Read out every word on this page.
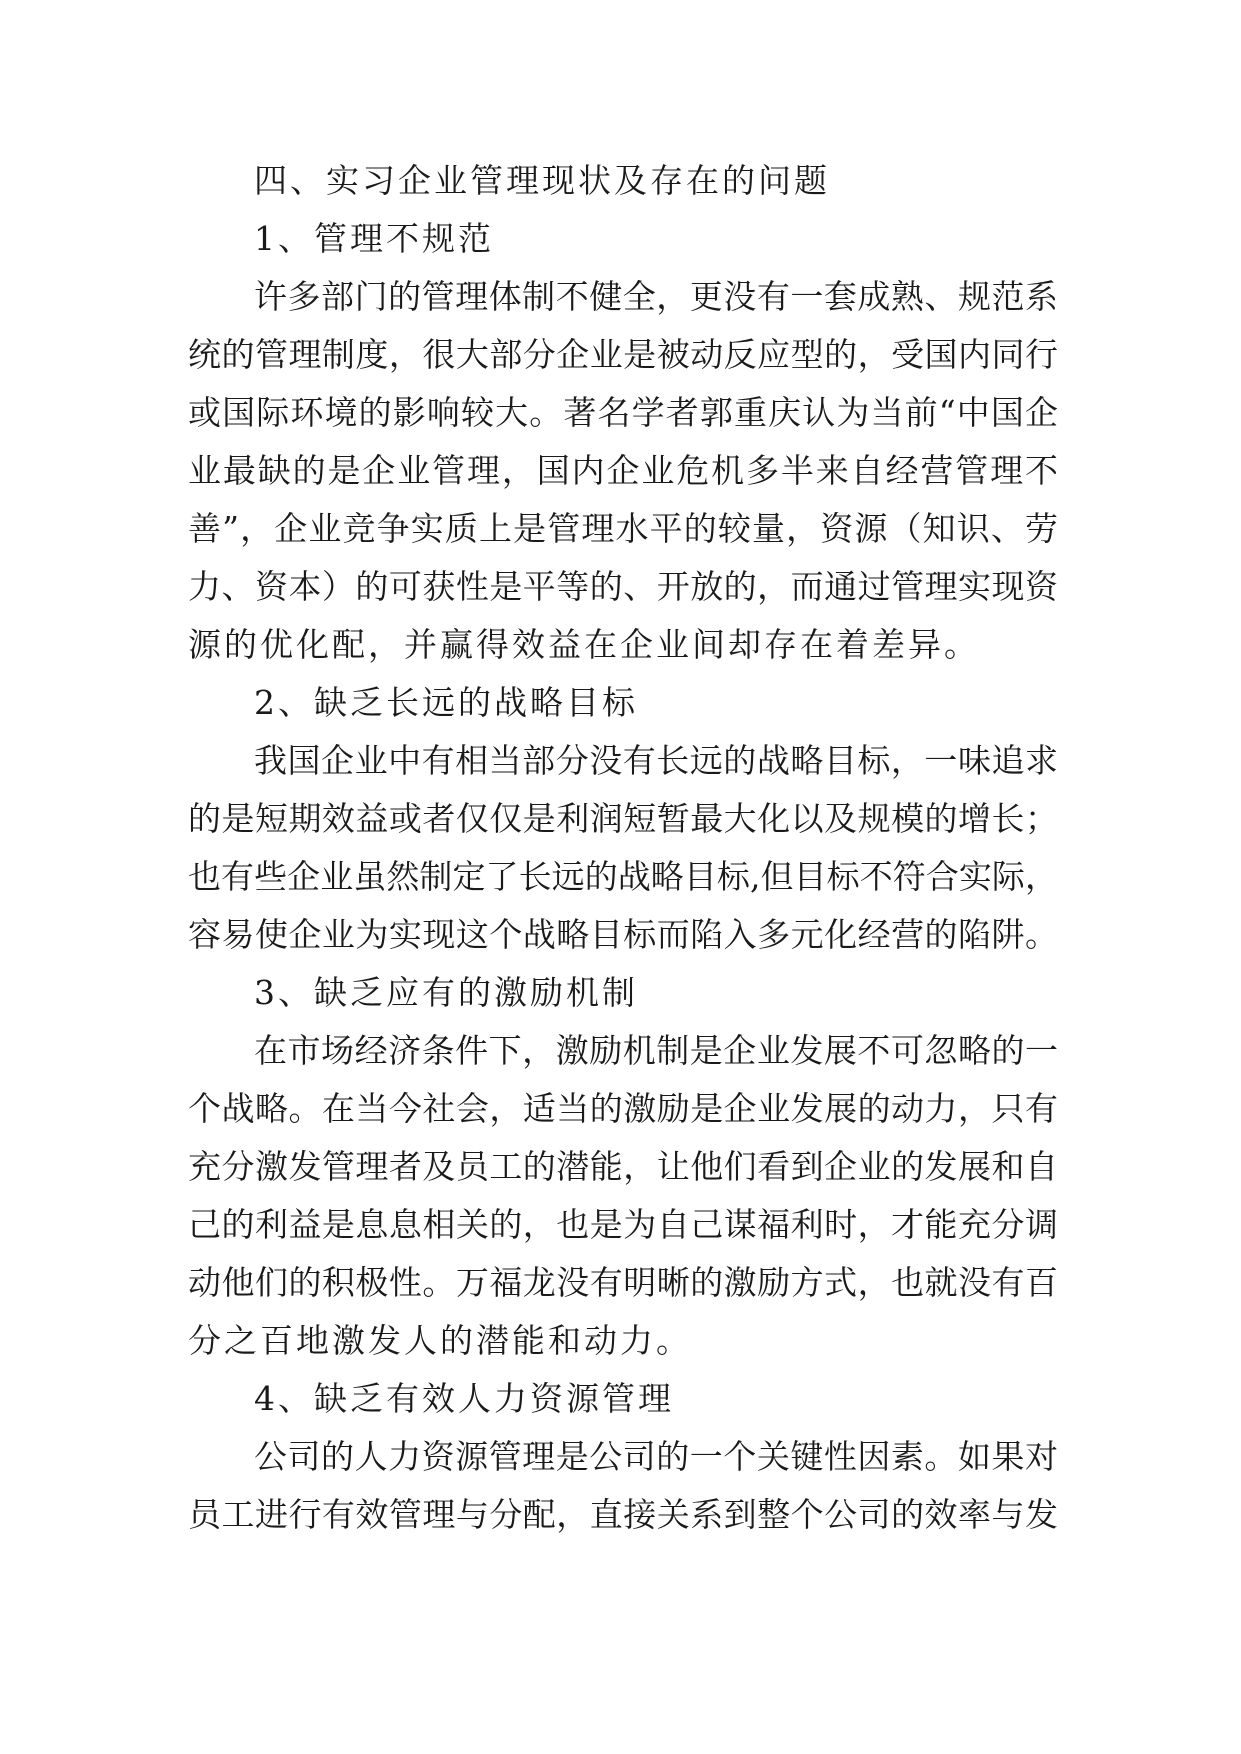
四、实习企业管理现状及存在的问题
1、管理不规范
许多部门的管理体制不健全，更没有一套成熟、规范系
统的管理制度，很大部分企业是被动反应型的，受国内同行
或国际环境的影响较大。著名学者郭重庆认为当前“中国企
业最缺的是企业管理，国内企业危机多半来自经营管理不
善”，企业竞争实质上是管理水平的较量，资源（知识、劳
力、资本）的可获性是平等的、开放的，而通过管理实现资
源的优化配，并赢得效益在企业间却存在着差异。
2、缺乏长远的战略目标
我国企业中有相当部分没有长远的战略目标，一味追求
的是短期效益或者仅仅是利润短暂最大化以及规模的增长；
也有些企业虽然制定了长远的战略目标,但目标不符合实际，
容易使企业为实现这个战略目标而陷入多元化经营的陷阱。
3、缺乏应有的激励机制
在市场经济条件下，激励机制是企业发展不可忽略的一
个战略。在当今社会，适当的激励是企业发展的动力，只有
充分激发管理者及员工的潜能，让他们看到企业的发展和自
己的利益是息息相关的，也是为自己谋福利时，才能充分调
动他们的积极性。万福龙没有明晰的激励方式，也就没有百
分之百地激发人的潜能和动力。
4、缺乏有效人力资源管理
公司的人力资源管理是公司的一个关键性因素。如果对
员工进行有效管理与分配，直接关系到整个公司的效率与发
